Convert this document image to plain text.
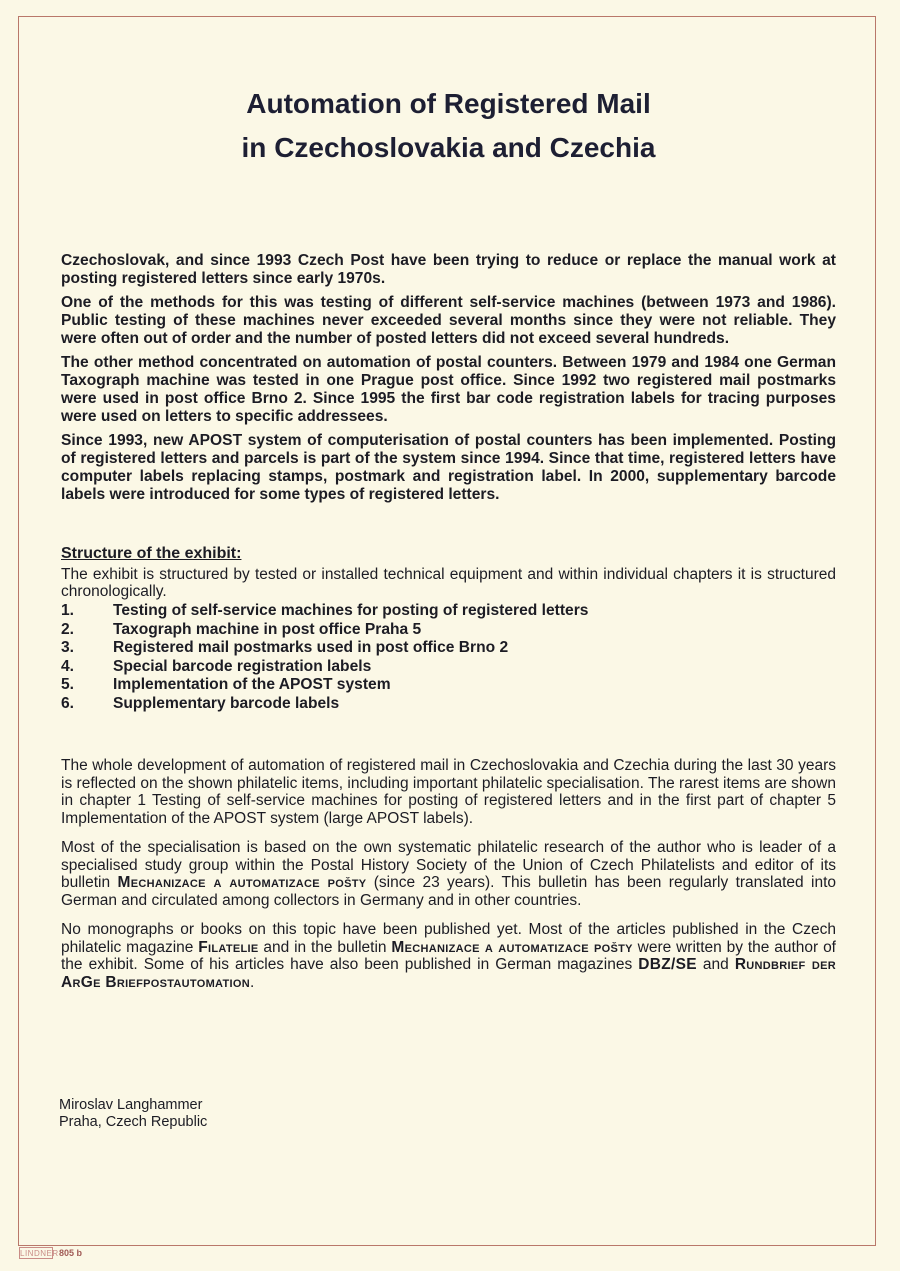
Automation of Registered Mail
in Czechoslovakia and Czechia

Czechoslovak, and since 1993 Czech Post have been trying to reduce or replace the manual work at posting registered letters since early 1970s.

One of the methods for this was testing of different self-service machines (between 1973 and 1986). Public testing of these machines never exceeded several months since they were not reliable. They were often out of order and the number of posted letters did not exceed several hundreds.

The other method concentrated on automation of postal counters. Between 1979 and 1984 one German Taxograph machine was tested in one Prague post office. Since 1992 two registered mail postmarks were used in post office Brno 2. Since 1995 the first bar code registration labels for tracing purposes were used on letters to specific addressees.

Since 1993, new APOST system of computerisation of postal counters has been implemented. Posting of registered letters and parcels is part of the system since 1994. Since that time, registered letters have computer labels replacing stamps, postmark and registration label. In 2000, supplementary barcode labels were introduced for some types of registered letters.

Structure of the exhibit:

The exhibit is structured by tested or installed technical equipment and within individual chapters it is structured chronologically.

1.	Testing of self-service machines for posting of registered letters
2.	Taxograph machine in post office Praha 5
3.	Registered mail postmarks used in post office Brno 2
4.	Special barcode registration labels
5.	Implementation of the APOST system
6.	Supplementary barcode labels

The whole development of automation of registered mail in Czechoslovakia and Czechia during the last 30 years is reflected on the shown philatelic items, including important philatelic specialisation. The rarest items are shown in chapter 1 Testing of self-service machines for posting of registered letters and in the first part of chapter 5 Implementation of the APOST system (large APOST labels).

Most of the specialisation is based on the own systematic philatelic research of the author who is leader of a specialised study group within the Postal History Society of the Union of Czech Philatelists and editor of its bulletin Mechanizace a automatizace pošty (since 23 years). This bulletin has been regularly translated into German and circulated among collectors in Germany and in other countries.

No monographs or books on this topic have been published yet. Most of the articles published in the Czech philatelic magazine Filatelie and in the bulletin Mechanizace a automatizace pošty were written by the author of the exhibit. Some of his articles have also been published in German magazines DBZ/SE and Rundbrief der ArGe Briefpostautomation.

Miroslav Langhammer
Praha, Czech Republic
LINDNER 805 b
